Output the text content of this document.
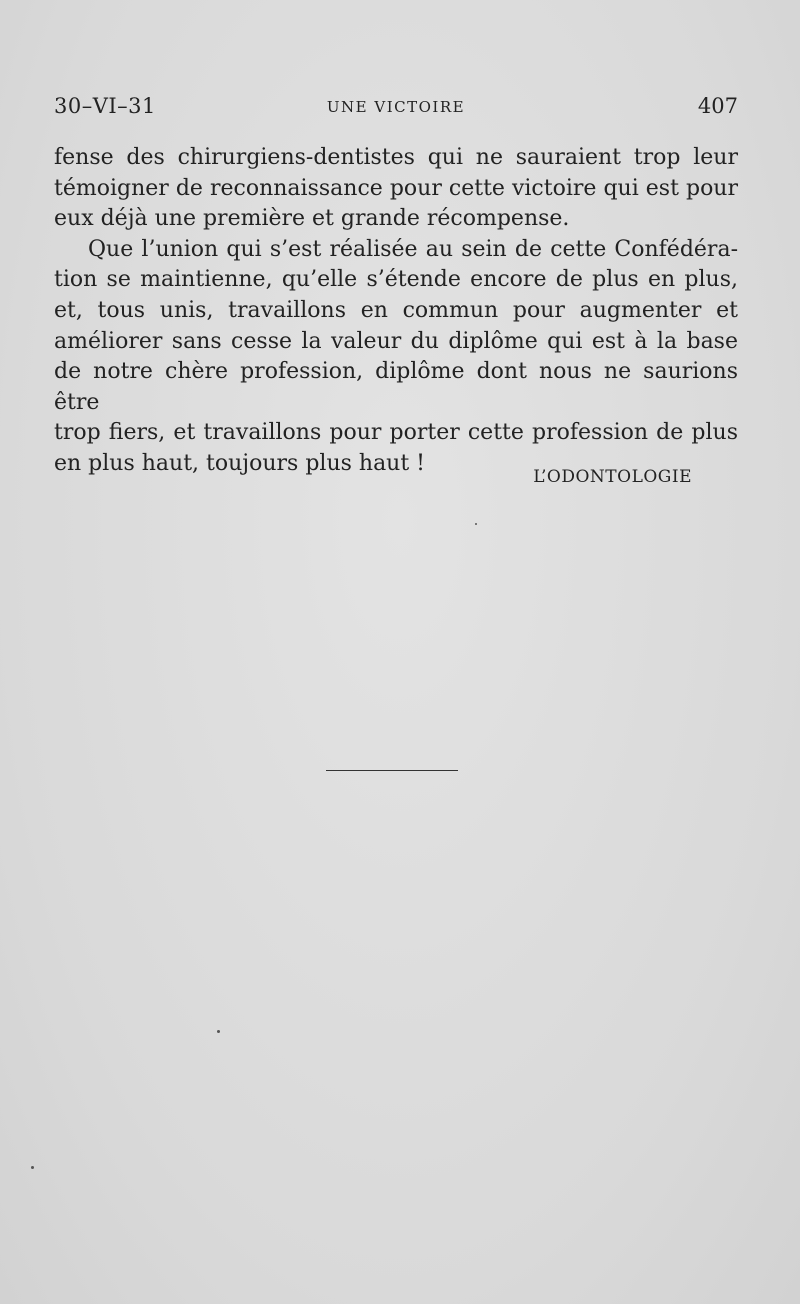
30–VI–31	UNE VICTOIRE	407

fense des chirurgiens-dentistes qui ne sauraient trop leur

témoigner de reconnaissance pour cette victoire qui est pour

eux déjà une première et grande récompense.

Que l’union qui s’est réalisée au sein de cette Confédéra-

tion se maintienne, qu’elle s’étende encore de plus en plus,

et, tous unis, travaillons en commun pour augmenter et

améliorer sans cesse la valeur du diplôme qui est à la base

de notre chère profession, diplôme dont nous ne saurions être

trop fiers, et travaillons pour porter cette profession de plus

en plus haut, toujours plus haut !

L’ODONTOLOGIE
